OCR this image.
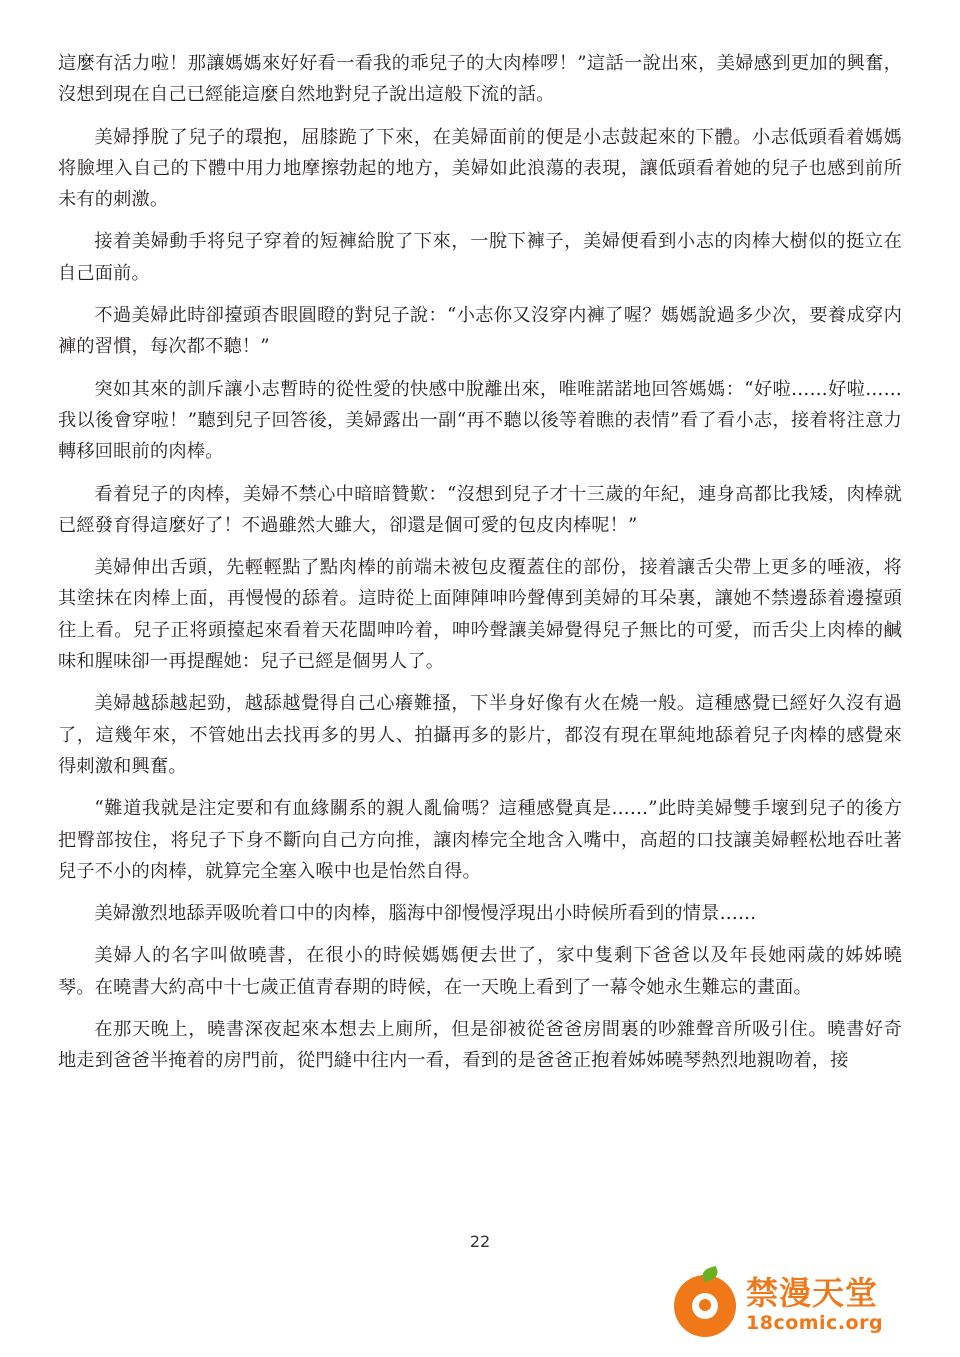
這麼有活力啦！那讓媽媽來好好看一看我的乖兒子的大肉棒啰！”這話一說出來，美婦感到更加的興奮，沒想到現在自己已經能這麼自然地對兒子說出這般下流的話。

美婦掙脫了兒子的環抱，屈膝跪了下來，在美婦面前的便是小志鼓起來的下體。小志低頭看着媽媽将臉埋入自己的下體中用力地摩擦勃起的地方，美婦如此浪蕩的表現，讓低頭看着她的兒子也感到前所未有的刺激。

接着美婦動手将兒子穿着的短褲給脫了下來，一脫下褲子，美婦便看到小志的肉棒大樹似的挺立在自己面前。

不過美婦此時卻擡頭杏眼圓瞪的對兒子說：“小志你又沒穿内褲了喔？媽媽說過多少次，要養成穿内褲的習慣，每次都不聽！”

突如其來的訓斥讓小志暫時的從性愛的快感中脫離出來，唯唯諾諾地回答媽媽：“好啦……好啦……我以後會穿啦！”聽到兒子回答後，美婦露出一副“再不聽以後等着瞧的表情”看了看小志，接着将注意力轉移回眼前的肉棒。

看着兒子的肉棒，美婦不禁心中暗暗贊歎：“沒想到兒子才十三歲的年紀，連身高都比我矮，肉棒就已經發育得這麼好了！不過雖然大雖大，卻還是個可愛的包皮肉棒呢！”

美婦伸出舌頭，先輕輕點了點肉棒的前端未被包皮覆蓋住的部份，接着讓舌尖帶上更多的唾液，将其塗抹在肉棒上面，再慢慢的舔着。這時從上面陣陣呻吟聲傳到美婦的耳朵裏，讓她不禁邊舔着邊擡頭往上看。兒子正将頭擡起來看着天花闆呻吟着，呻吟聲讓美婦覺得兒子無比的可愛，而舌尖上肉棒的鹹味和腥味卻一再提醒她：兒子已經是個男人了。

美婦越舔越起勁，越舔越覺得自己心癢難搔，下半身好像有火在燒一般。這種感覺已經好久沒有過了，這幾年來，不管她出去找再多的男人、拍攝再多的影片，都沒有現在單純地舔着兒子肉棒的感覺來得刺激和興奮。

“難道我就是注定要和有血緣關系的親人亂倫嗎？這種感覺真是……”此時美婦雙手壞到兒子的後方把臀部按住，将兒子下身不斷向自己方向推，讓肉棒完全地含入嘴中，高超的口技讓美婦輕松地吞吐著兒子不小的肉棒，就算完全塞入喉中也是怡然自得。

美婦激烈地舔弄吸吮着口中的肉棒，腦海中卻慢慢浮現出小時候所看到的情景……

美婦人的名字叫做曉書，在很小的時候媽媽便去世了，家中隻剩下爸爸以及年長她兩歲的姊姊曉琴。在曉書大約高中十七歲正值青春期的時候，在一天晚上看到了一幕令她永生難忘的畫面。

在那天晚上，曉書深夜起來本想去上廁所，但是卻被從爸爸房間裏的吵雜聲音所吸引住。曉書好奇地走到爸爸半掩着的房門前，從門縫中往内一看，看到的是爸爸正抱着姊姊曉琴熱烈地親吻着，接

22
禁漫天堂
18comic.org
